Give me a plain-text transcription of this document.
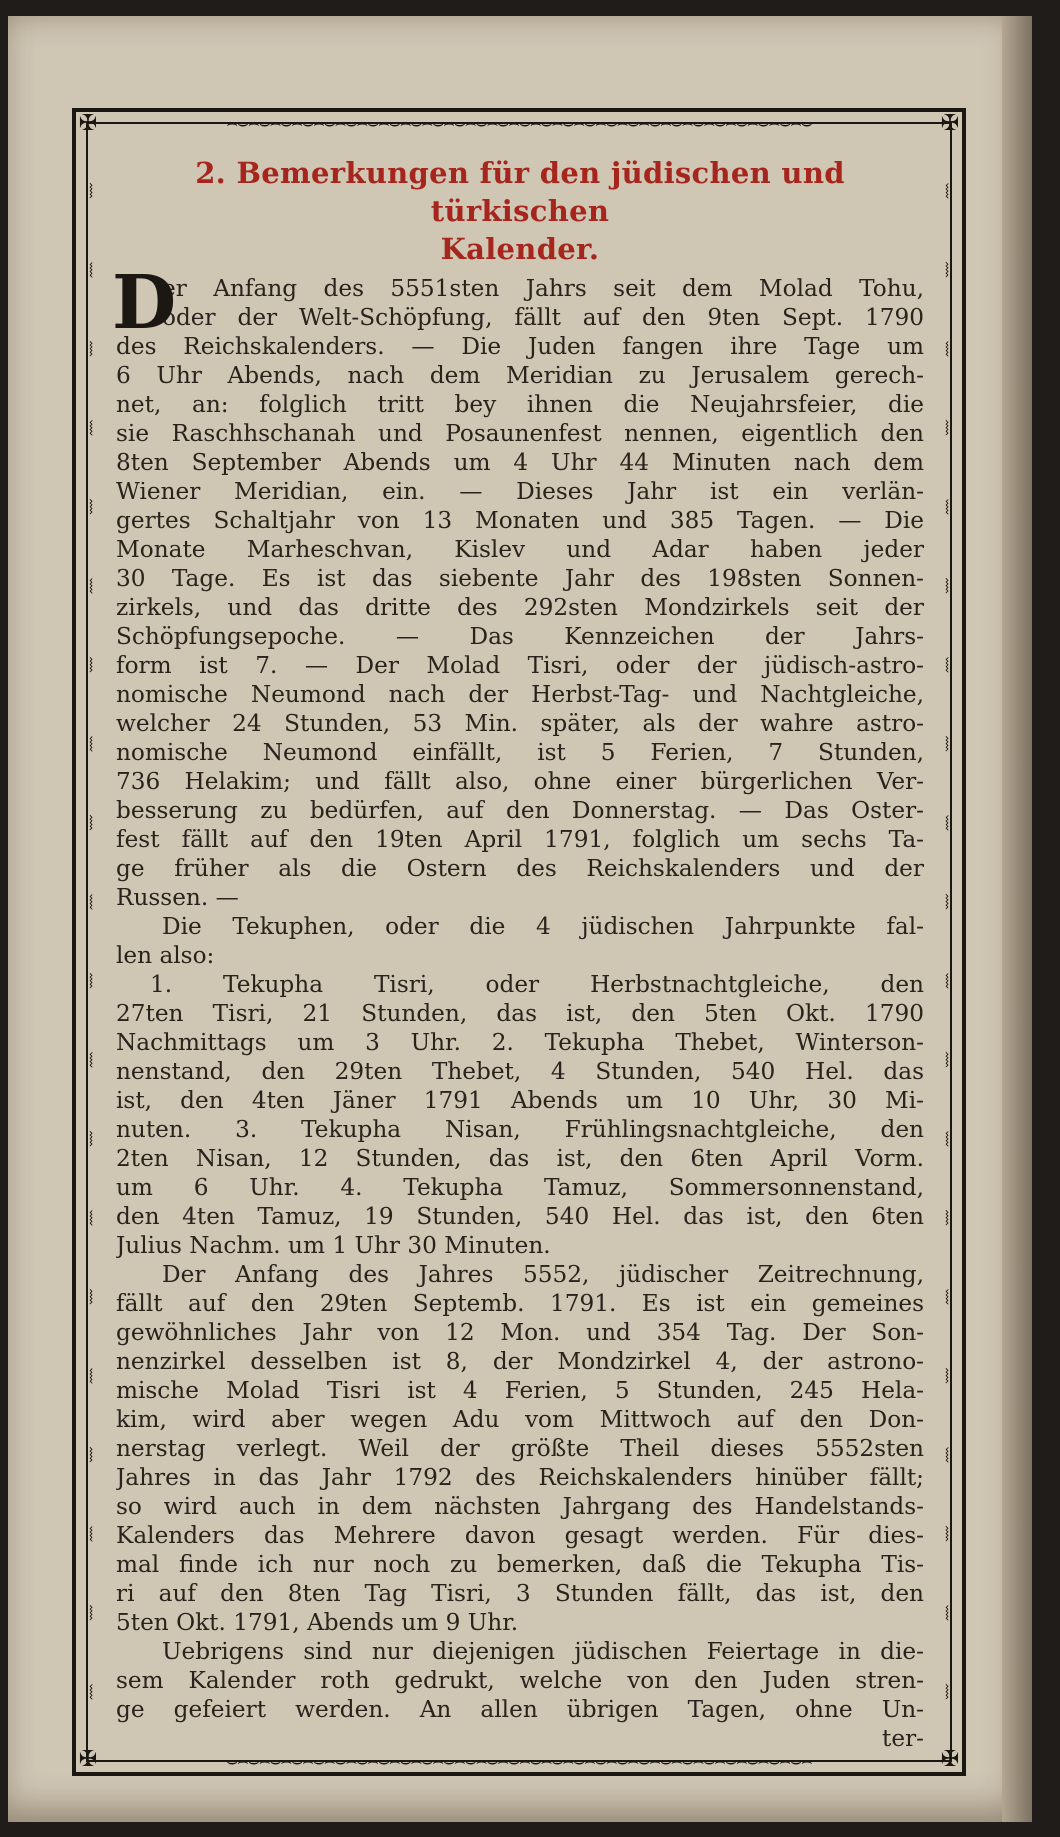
⌢⌣⌢⌣⌢⌣⌢⌣⌢⌣⌢⌣⌢⌣⌢⌣⌢⌣⌢⌣⌢⌣⌢⌣⌢⌣⌢⌣⌢⌣⌢⌣⌢⌣⌢⌣⌢⌣⌢⌣⌢⌣⌢⌣⌢⌣⌢⌣⌢⌣⌢⌣⌢⌣
⌣⌢⌣⌢⌣⌢⌣⌢⌣⌢⌣⌢⌣⌢⌣⌢⌣⌢⌣⌢⌣⌢⌣⌢⌣⌢⌣⌢⌣⌢⌣⌢⌣⌢⌣⌢⌣⌢⌣⌢⌣⌢⌣⌢⌣⌢⌣⌢⌣⌢⌣⌢⌣⌢
⧘
⧙
⧘
⧙
⧘
⧙
⧘
⧙
⧘
⧙
⧘
⧙
⧘
⧙
⧘
⧙
⧘
⧙
⧘
⧙
⧙
⧘
⧙
⧘
⧙
⧘
⧙
⧘
⧙
⧘
⧙
⧘
⧙
⧘
⧙
⧘
⧙
⧘
⧙
⧘
✠	✠
✠	✠
2. Bemerkungen für den jüdischen und türkischen
Kalender.
D
er Anfang des 5551sten Jahrs seit dem Molad Tohu,
oder der Welt-Schöpfung, fällt auf den 9ten Sept. 1790
des Reichskalenders. — Die Juden fangen ihre Tage um
6 Uhr Abends, nach dem Meridian zu Jerusalem gerech-
net, an: folglich tritt bey ihnen die Neujahrsfeier, die
sie Raschhschanah und Posaunenfest nennen, eigentlich den
8ten September Abends um 4 Uhr 44 Minuten nach dem
Wiener Meridian, ein. — Dieses Jahr ist ein verlän-
gertes Schaltjahr von 13 Monaten und 385 Tagen. — Die
Monate Marheschvan, Kislev und Adar haben jeder
30 Tage. Es ist das siebente Jahr des 198sten Sonnen-
zirkels, und das dritte des 292sten Mondzirkels seit der
Schöpfungsepoche. — Das Kennzeichen der Jahrs-
form ist 7. — Der Molad Tisri, oder der jüdisch-astro-
nomische Neumond nach der Herbst-Tag- und Nachtgleiche,
welcher 24 Stunden, 53 Min. später, als der wahre astro-
nomische Neumond einfällt, ist 5 Ferien, 7 Stunden,
736 Helakim; und fällt also, ohne einer bürgerlichen Ver-
besserung zu bedürfen, auf den Donnerstag. — Das Oster-
fest fällt auf den 19ten April 1791, folglich um sechs Ta-
ge früher als die Ostern des Reichskalenders und der
Russen. —
Die Tekuphen, oder die 4 jüdischen Jahrpunkte fal-
len also:
1. Tekupha Tisri, oder Herbstnachtgleiche, den
27ten Tisri, 21 Stunden, das ist, den 5ten Okt. 1790
Nachmittags um 3 Uhr. 2. Tekupha Thebet, Winterson-
nenstand, den 29ten Thebet, 4 Stunden, 540 Hel. das
ist, den 4ten Jäner 1791 Abends um 10 Uhr, 30 Mi-
nuten. 3. Tekupha Nisan, Frühlingsnachtgleiche, den
2ten Nisan, 12 Stunden, das ist, den 6ten April Vorm.
um 6 Uhr. 4. Tekupha Tamuz, Sommersonnenstand,
den 4ten Tamuz, 19 Stunden, 540 Hel. das ist, den 6ten
Julius Nachm. um 1 Uhr 30 Minuten.
Der Anfang des Jahres 5552, jüdischer Zeitrechnung,
fällt auf den 29ten Septemb. 1791. Es ist ein gemeines
gewöhnliches Jahr von 12 Mon. und 354 Tag. Der Son-
nenzirkel desselben ist 8, der Mondzirkel 4, der astrono-
mische Molad Tisri ist 4 Ferien, 5 Stunden, 245 Hela-
kim, wird aber wegen Adu vom Mittwoch auf den Don-
nerstag verlegt. Weil der größte Theil dieses 5552sten
Jahres in das Jahr 1792 des Reichskalenders hinüber fällt;
so wird auch in dem nächsten Jahrgang des Handelstands-
Kalenders das Mehrere davon gesagt werden. Für dies-
mal finde ich nur noch zu bemerken, daß die Tekupha Tis-
ri auf den 8ten Tag Tisri, 3 Stunden fällt, das ist, den
5ten Okt. 1791, Abends um 9 Uhr.
Uebrigens sind nur diejenigen jüdischen Feiertage in die-
sem Kalender roth gedrukt, welche von den Juden stren-
ge gefeiert werden. An allen übrigen Tagen, ohne Un-
ter-
